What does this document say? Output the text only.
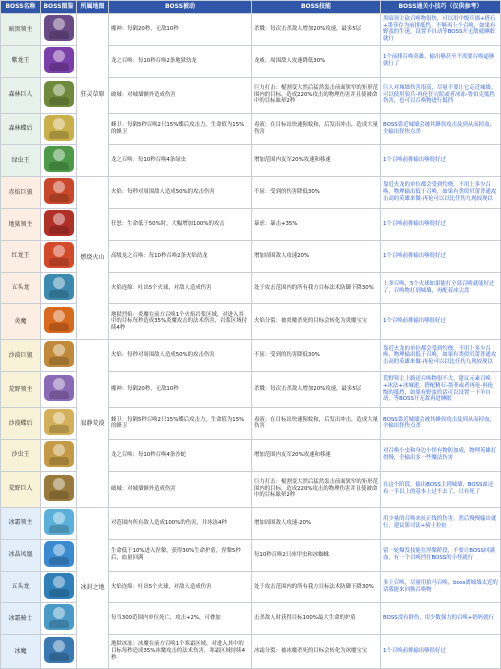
BOSS名称	BOSS图鉴	所属地图	BOSS被动	BOSS技能	BOSS通关小技巧（仅供参考）
暗黑领主		狂灵草原	魔神：每隔20秒，无敌10秒	杀戮：每次击杀敌人增加20%攻速，最多5层	黑暗领主砍召唤物很快，可以用中级兵墙+搭石+墨菲存为前排抵挡。不够再上个召唤，如果有野蛮的生迷，设置羊自动等BOSS开无敌就睡眠就行
紫龙王			龙之召唤：每10秒召唤2条地狱幼龙	龙威：周围敌人攻速降低30%	1个前排召唤英雄，输出够甚至不需要召唤逼够就行了
森林巨人			破城：对城墙额外造成伤害	巨力打击：棍割变大然后猛然轰击前面狭窄的矩形范围内的目标，造成220%攻击的物理伤害并且使被命中的目标眩晕2秒	巨人对城墙伤害很高，尽量不要让它走近城墙。可以使用狼兵-再伦狂刃院或者冰冻-鲁伯克抵挡伤害，也可以召唤物进行抵挡
森林蝶后			蜂卫：每隔5秒召唤2只15%蝶后攻击力，生命值为15%的蜂卫	毒液：在目标出快速猩蚊和，后发出冲击，造成大量伤害	BOSS靠近城墙会被其蜂侯攻击及到从而掉血，全输出怪快点杀
绿虫王			龙之召唤：每10秒召唤4条绿虫	增加范围内友军20%攻速和移速	1个召唤前排输出够很好过
赤焰巨狼		燃烧火山	火焰：每秒对周围敌人造成50%的攻击伤害	不屈：受到的伤害降低30%	靠近火龙的单位都会受到灼烧，不用上多少召唤，物理输出低于召唤，如果有类似贝蕾普通攻击高的英雄来做-再伦可以以比任伤九现较现以
地狱领主			狂怒：生命低于50%时，大幅增加100%的攻击	暴虐：暴击+35%	1个召唤前排输出够很好过
红龙王			高级龙之召唤：每10秒召唤2条火焰幼龙	增加周围敌人攻速20%	1个召唤前排输出够很好过
五头龙			火焰连绵：吐出5个火球，对敌人造成伤害	处于攻击范围内的所有我方目标法术防御下降30%	上多召唤，5个火球如果能打全部召唤就能好过了，召唤物扛到城墙，再配着冰尖盘
炎魔			地狱烈焰：炎魔在前方召唤1个火焰岩浆区域，对进入其中的目标每秒造成35%炎魔攻击的法术伤害，岩浆区域持续4秒	火焰分裂：被炎魔杀死的目标会转化为炎魔宝宝	1个召唤前排输出够很好过
沙漠巨狼		寂静荒漠	火焰：每秒对周围敌人造成50%的攻击伤害	不屈：受到的伤害降低30%	靠近火龙的单位都会受到灼烧，不用上多少召唤，物理输出低于召唤，如果有类似贝蕾普通攻击高的英雄来做-再伦可以以比任伤九现较现以
荒野领主			魔神：每隔20秒，无敌10秒	杀戮：每次击杀敌人增加20%攻速，最多5层	荒野领主上路送召唤物很不大，建议元素召唤+冰法+冰城建，搭配精石-墨菲或者再伦-再伦级的抵挡，如果有野蛮的话可以设置一下羊自动，等BOSS开无敌再进睡眠
沙漠蝶后			蜂卫：每隔5秒召唤2只15%蝶后攻击力，生命值为15%的蜂卫	毒液：在目标出快速猩蚊和，后发出冲击，造成大量伤害	BOSS靠近城墙会被其蜂侯攻击及到从而掉血，全输出怪快点杀
沙虫王			龙之召唤：每10秒召唤4条沙蛇	增加范围内友军20%攻速和移速	对召唤小虫和身边小怪有物防加成，物理英雄打得慢，全输出多一些魔法伤害
荒野巨人			破城：对城墙额外造成伤害	巨力打击：棍割变大然后猛然轰击前面狭窄的矩形范围内的目标，造成220%攻击的物理伤害并且使被命中的目标眩晕2秒	在这个阶段，输出BOSS主到城墙，BOSS血还有一半以上的基本上过不去了，只有死了
冰霜领主		冰封之地	对范围内所有敌人造成100%的伤害，并冰冻4秒	增加周围敌人攻速-20%	用少量的召唤来抗正线的伤害，然后慢慢输出就行，建议影司法+骑士拉扯
冰晶凤凰			生命低于10%进入涅槃，获得30%生命护盾，涅槃5秒后，血量回满	每10秒召唤2只冰甲虫和冰蜘蛛	留一轮爆发技能在涅槃阶段，不要让BOSS回满血，有一个召唤挡住BOSS的小怪就行
五头龙			火焰连绵：吐出5个火球，对敌人造成伤害	处于攻击范围内的所有我方目标法术防御下降30%	多上召唤，尽量用拍马召唤，boss离城墙太近的话我能来回换召唤物
冰霜骑士			每当300范围内单位死亡，攻击+2%，可叠加	击杀敌人时获得目标100%最大生命的护盾	BOSS没有群伤，用少数强力的召唤+奶妈就行
冰魔			地狱冰冻：冰魔在前方召唤1个寒霜区域，对进入其中的目标每秒造成35%冰魔攻击的法术伤害，寒霜区域持续4秒	冰霜分裂：被冰魔杀死的目标会转化为冰魔宝宝	1个召唤前排输出够很好过
